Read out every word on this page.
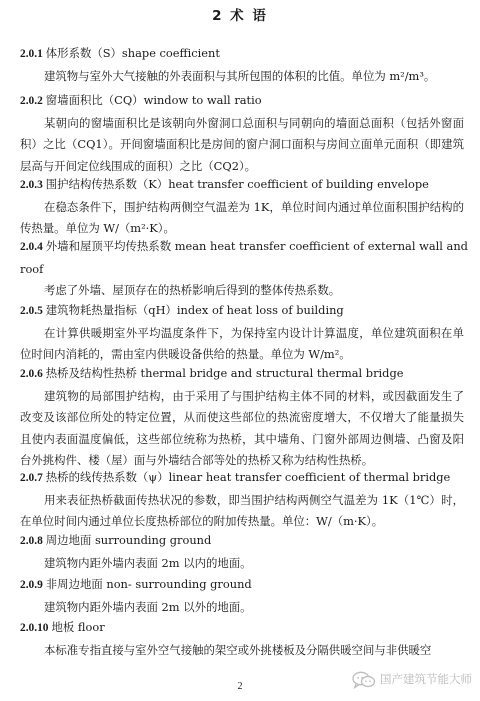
2 术 语
2.0.1 体形系数（S）shape coefficient
建筑物与室外大气接触的外表面积与其所包围的体积的比值。单位为 m²/m³。
2.0.2 窗墙面积比（CQ）window to wall ratio
某朝向的窗墙面积比是该朝向外窗洞口总面积与同朝向的墙面总面积（包括外窗面积）之比（CQ1）。开间窗墙面积比是房间的窗户洞口面积与房间立面单元面积（即建筑层高与开间定位线围成的面积）之比（CQ2）。
2.0.3 围护结构传热系数（K）heat transfer coefficient of building envelope
在稳态条件下，围护结构两侧空气温差为 1K，单位时间内通过单位面积围护结构的传热量。单位为 W/（m²·K）。
2.0.4 外墙和屋顶平均传热系数 mean heat transfer coefficient of external wall and roof
考虑了外墙、屋顶存在的热桥影响后得到的整体传热系数。
2.0.5 建筑物耗热量指标（qH）index of heat loss of building
在计算供暖期室外平均温度条件下，为保持室内设计计算温度，单位建筑面积在单位时间内消耗的，需由室内供暖设备供给的热量。单位为 W/m²。
2.0.6 热桥及结构性热桥 thermal bridge and structural thermal bridge
建筑物的局部围护结构，由于采用了与围护结构主体不同的材料，或因截面发生了改变及该部位所处的特定位置，从而使这些部位的热流密度增大，不仅增大了能量损失且使内表面温度偏低，这些部位统称为热桥，其中墙角、门窗外部周边侧墙、凸窗及阳台外挑构件、楼（屋）面与外墙结合部等处的热桥又称为结构性热桥。
2.0.7 热桥的线传热系数（ψ）linear heat transfer coefficient of thermal bridge
用来表征热桥截面传热状况的参数，即当围护结构两侧空气温差为 1K（1℃）时，在单位时间内通过单位长度热桥部位的附加传热量。单位：W/（m·K）。
2.0.8 周边地面 surrounding ground
建筑物内距外墙内表面 2m 以内的地面。
2.0.9 非周边地面 non- surrounding ground
建筑物内距外墙内表面 2m 以外的地面。
2.0.10 地板 floor
本标准专指直接与室外空气接触的架空或外挑楼板及分隔供暖空间与非供暖空
2
国产建筑节能大师
